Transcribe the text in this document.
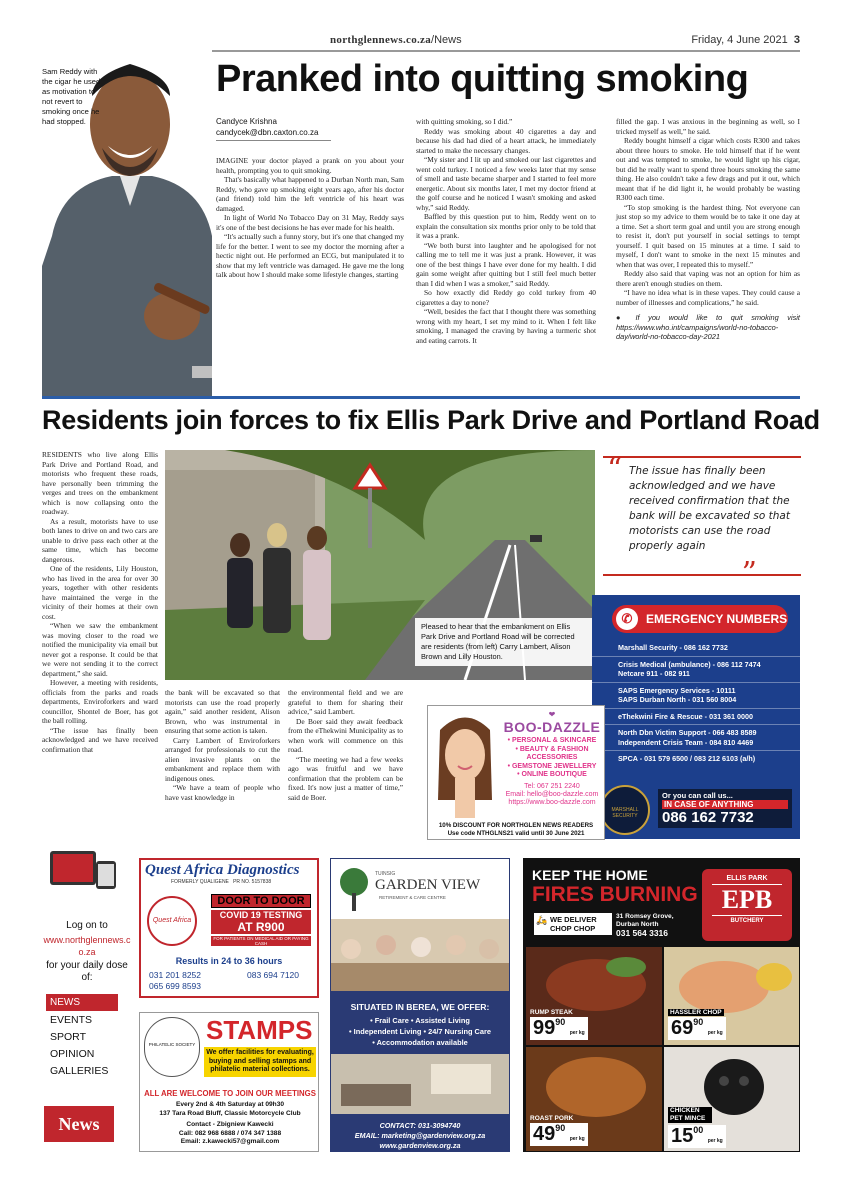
northglennews.co.za/News	Friday, 4 June 2021 3
Sam Reddy with the cigar he used as motivation to not revert to smoking once he had stopped.
Pranked into quitting smoking
Candyce Krishna
candycek@dbn.caxton.co.za

IMAGINE your doctor played a prank on you about your health, prompting you to quit smoking.

That's basically what happened to a Durban North man, Sam Reddy, who gave up smoking eight years ago, after his doctor (and friend) told him the left ventricle of his heart was damaged.

In light of World No Tobacco Day on 31 May, Reddy says it's one of the best decisions he has ever made for his health.

“It's actually such a funny story, but it's one that changed my life for the better. I went to see my doctor the morning after a hectic night out. He performed an ECG, but manipulated it to show that my left ventricle was damaged. He gave me the long talk about how I should make some lifestyle changes, starting

with quitting smoking, so I did.”

Reddy was smoking about 40 cigarettes a day and because his dad had died of a heart attack, he immediately started to make the necessary changes.

“My sister and I lit up and smoked our last cigarettes and went cold turkey. I noticed a few weeks later that my sense of smell and taste became sharper and I started to feel more energetic. About six months later, I met my doctor friend at the golf course and he noticed I wasn't smoking and asked why,” said Reddy.

Baffled by this question put to him, Reddy went on to explain the consultation six months prior only to be told that it was a prank.

“We both burst into laughter and he apologised for not calling me to tell me it was just a prank. However, it was one of the best things I have ever done for my health. I did gain some weight after quitting but I still feel much better than I did when I was a smoker,” said Reddy.

So how exactly did Reddy go cold turkey from 40 cigarettes a day to none?

“Well, besides the fact that I thought there was something wrong with my heart, I set my mind to it. When I felt like smoking, I managed the craving by having a turmeric shot and eating carrots. It

filled the gap. I was anxious in the beginning as well, so I tricked myself as well,” he said.

Reddy bought himself a cigar which costs R300 and takes about three hours to smoke. He told himself that if he went out and was tempted to smoke, he would light up his cigar, but did he really want to spend three hours smoking the same thing. He also couldn't take a few drags and put it out, which meant that if he did light it, he would probably be wasting R300 each time.

“To stop smoking is the hardest thing. Not everyone can just stop so my advice to them would be to take it one day at a time. Set a short term goal and until you are strong enough to resist it, don't put yourself in social settings to tempt yourself. I quit based on 15 minutes at a time. I said to myself, I don't want to smoke in the next 15 minutes and when that was over, I repeated this to myself.”

Reddy also said that vaping was not an option for him as there aren't enough studies on them.

“I have no idea what is in these vapes. They could cause a number of illnesses and complications,” he said.

● If you would like to quit smoking visit https://www.who.int/campaigns/world-no-tobacco-day/world-no-tobacco-day-2021

Residents join forces to fix Ellis Park Drive and Portland Road

RESIDENTS who live along Ellis Park Drive and Portland Road, and motorists who frequent these roads, have personally been trimming the verges and trees on the embankment which is now collapsing onto the roadway.

As a result, motorists have to use both lanes to drive on and two cars are unable to drive pass each other at the same time, which has become dangerous.

One of the residents, Lily Houston, who has lived in the area for over 30 years, together with other residents have maintained the verge in the vicinity of their homes at their own cost.

“When we saw the embankment was moving closer to the road we notified the municipality via email but never got a response. It could be that we were not sending it to the correct department,” she said.

However, a meeting with residents, officials from the parks and roads departments, Enviroforkers and ward councillor, Shontel de Boer, has got the ball rolling.

“The issue has finally been acknowledged and we have received confirmation that

Pleased to hear that the embankment on Ellis Park Drive and Portland Road will be corrected are residents (from left) Carry Lambert, Alison Brown and Lilly Houston.

the bank will be excavated so that motorists can use the road properly again,” said another resident, Alison Brown, who was instrumental in ensuring that some action is taken.

Carry Lambert of Enviroforkers arranged for professionals to cut the alien invasive plants on the embankment and replace them with indigenous ones.

“We have a team of people who have vast knowledge in

the environmental field and we are grateful to them for sharing their advice,” said Lambert.

De Boer said they await feedback from the eThekwini Municipality as to when work will commence on this road.

“The meeting we had a few weeks ago was fruitful and we have confirmation that the problem can be fixed. It's now just a matter of time,” said de Boer.

“ The issue has finally been acknowledged and we have received confirmation that the bank will be excavated so that motorists can use the road properly again
”
✆	EMERGENCY NUMBERS
Marshall Security - 086 162 7732
Crisis Medical (ambulance) - 086 112 7474
Netcare 911 - 082 911
SAPS Emergency Services - 10111
SAPS Durban North - 031 560 8004
eThekwini Fire & Rescue - 031 361 0000
North Dbn Victim Support - 066 483 8589
Independent Crisis Team - 084 810 4469
SPCA - 031 579 6500 / 083 212 6103 (a/h)
MARSHALL SECURITY
Or you can call us...
IN CASE OF ANYTHING
086 162 7732
❤
BOO-DAZZLE
• PERSONAL & SKINCARE
• BEAUTY & FASHION ACCESSORIES
• GEMSTONE JEWELLERY
• ONLINE BOUTIQUE
Tel: 067 251 2240
Email: hello@boo-dazzle.com
https://www.boo-dazzle.com
10% DISCOUNT FOR NORTHGLEN NEWS READERS
Use code NTHGLNS21 valid until 30 June 2021
Log on to
www.northglennews.co.za
for your daily dose of:
NEWS
EVENTS
SPORT
OPINION
GALLERIES
News
Quest Africa Diagnostics
FORMERLY QUALIGENE PR NO. 5157838
Quest Africa
DOOR TO DOOR
COVID 19 TESTING
AT R900
FOR PATIENTS ON MEDICAL AID OR PAYING CASH
Results in 24 to 36 hours
031 201 8252
065 699 8593
083 694 7120
PHILATELIC SOCIETY STAMPS
We offer facilities for evaluating, buying and selling stamps and philatelic material collections.
ALL ARE WELCOME TO JOIN OUR MEETINGS
Every 2nd & 4th Saturday at 09h30
137 Tara Road Bluff, Classic Motorcycle Club
Contact - Zbigniew Kawecki
Call: 082 968 6888 / 074 347 1388
Email: z.kawecki57@gmail.com
TUINSIG
GARDEN VIEW
RETIREMENT & CARE CENTRE
SITUATED IN BEREA, WE OFFER:
• Frail Care • Assisted Living
• Independent Living • 24/7 Nursing Care
• Accommodation available
CONTACT: 031-3094740
EMAIL: marketing@gardenview.org.za
www.gardenview.org.za
KEEP THE HOME
FIRES BURNING
🛵 WE DELIVER CHOP CHOP
31 Romsey Grove,
Durban North
031 564 3316
ELLIS PARK
EPB
BUTCHERY
RUMP STEAK
$99^{90}$ per kg
HASSLER CHOP
$69^{90}$ per kg
ROAST PORK
$49^{90}$ per kg
CHICKEN PET MINCE
$15^{00}$ per kg
